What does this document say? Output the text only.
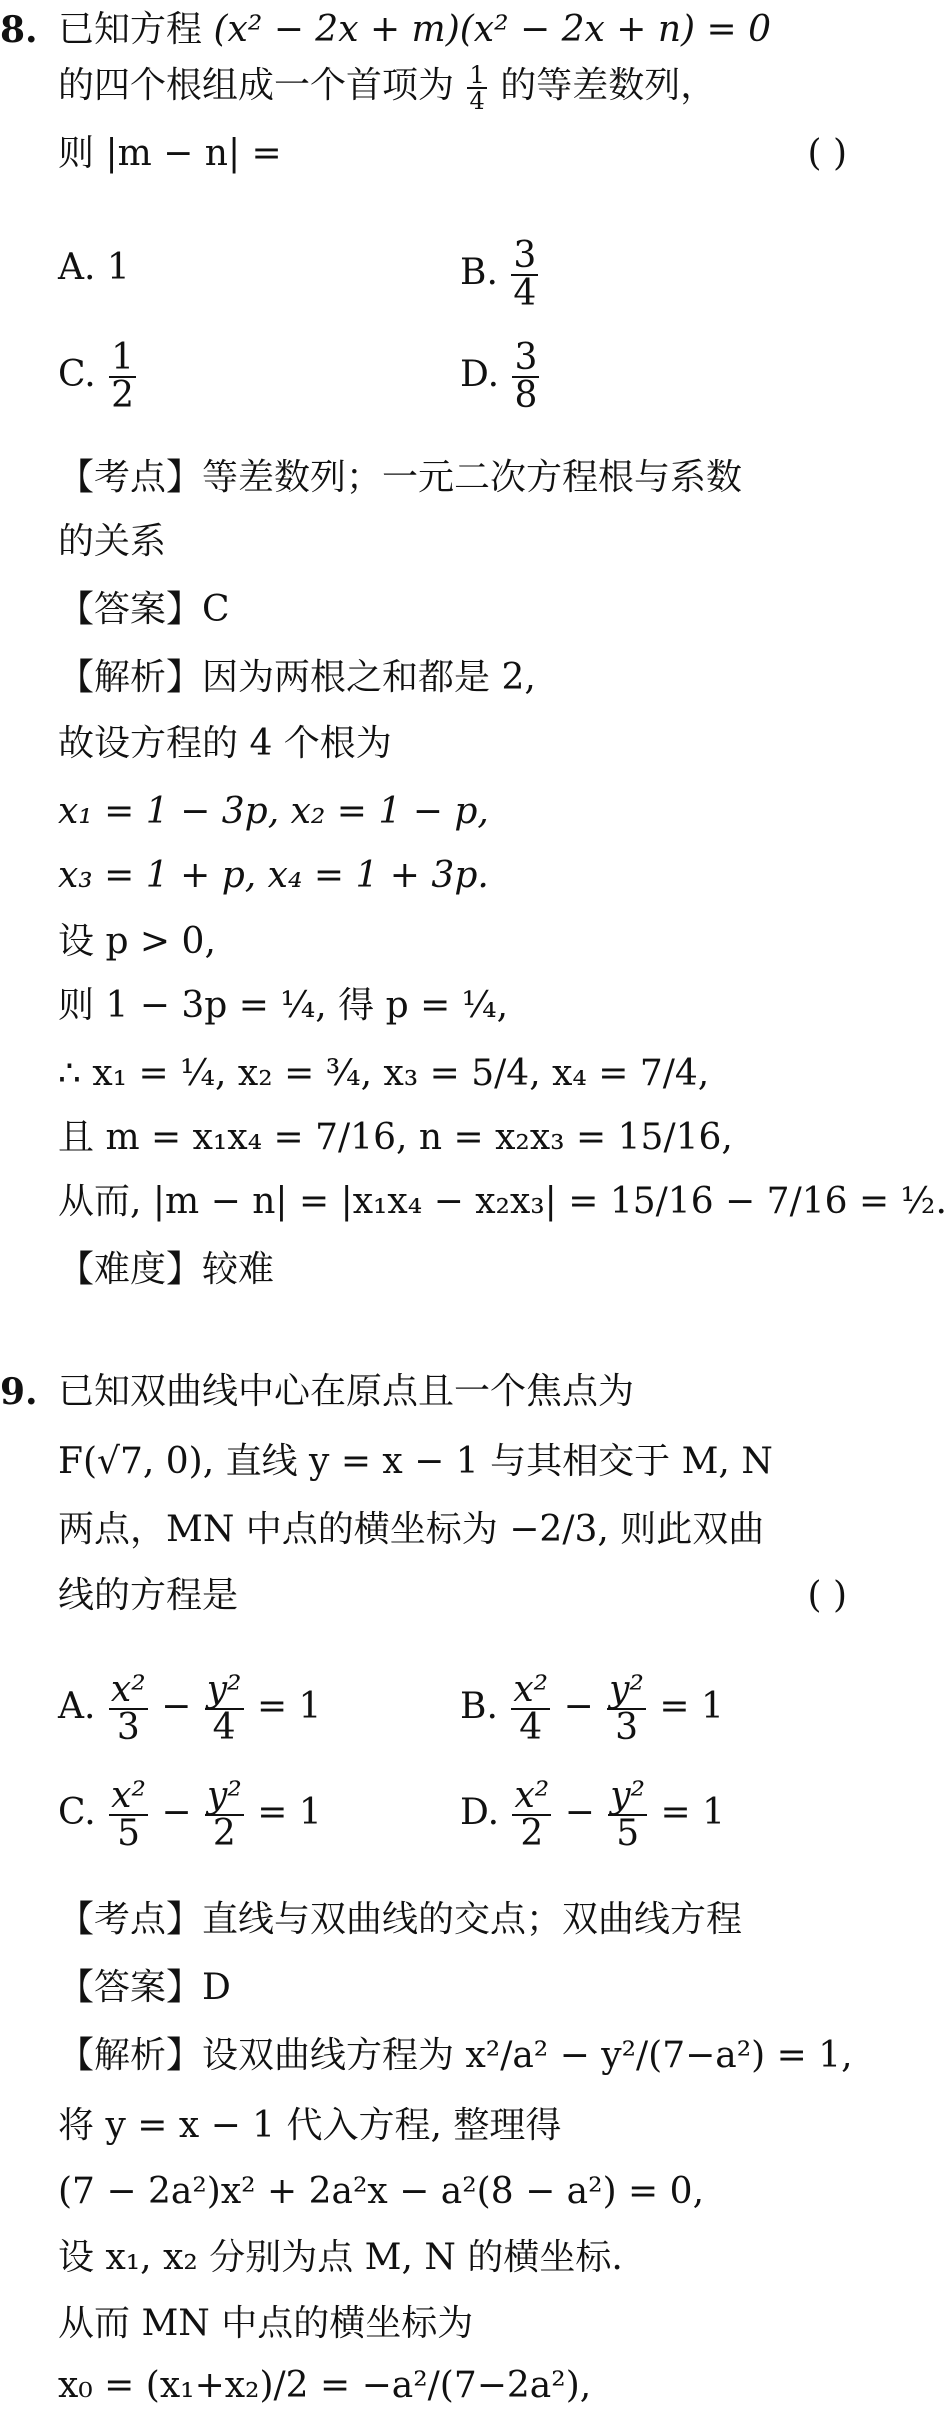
8. 已知方程 (x² − 2x + m)(x² − 2x + n) = 0
的四个根组成一个首项为 $\frac{1}{4}$ 的等差数列，
则 |m − n| =	( )
A. 1	B. $\frac{3}{4}$
C. $\frac{1}{2}$	D. $\frac{3}{8}$
【考点】等差数列；一元二次方程根与系数
的关系
【答案】C
【解析】因为两根之和都是 2,
故设方程的 4 个根为
x₁ = 1 − 3p, x₂ = 1 − p,
x₃ = 1 + p, x₄ = 1 + 3p.
设 p > 0,
则 1 − 3p = ¼, 得 p = ¼,
∴ x₁ = ¼, x₂ = ¾, x₃ = 5/4, x₄ = 7/4,
且 m = x₁x₄ = 7/16, n = x₂x₃ = 15/16,
从而, |m − n| = |x₁x₄ − x₂x₃| = 15/16 − 7/16 = ½.
【难度】较难
9. 已知双曲线中心在原点且一个焦点为
F(√7, 0), 直线 y = x − 1 与其相交于 M, N
两点，MN 中点的横坐标为 −2/3, 则此双曲
线的方程是	( )
A. $\frac{\text{x²}}{3} - \frac{\text{y²}}{4} = 1$	B. $\frac{\text{x²}}{4} - \frac{\text{y²}}{3} = 1$
C. $\frac{\text{x²}}{5} - \frac{\text{y²}}{2} = 1$	D. $\frac{\text{x²}}{2} - \frac{\text{y²}}{5} = 1$
【考点】直线与双曲线的交点；双曲线方程
【答案】D
【解析】设双曲线方程为 x²/a² − y²/(7−a²) = 1,
将 y = x − 1 代入方程, 整理得
(7 − 2a²)x² + 2a²x − a²(8 − a²) = 0,
设 x₁, x₂ 分别为点 M, N 的横坐标.
从而 MN 中点的横坐标为
x₀ = (x₁+x₂)/2 = −a²/(7−2a²),
